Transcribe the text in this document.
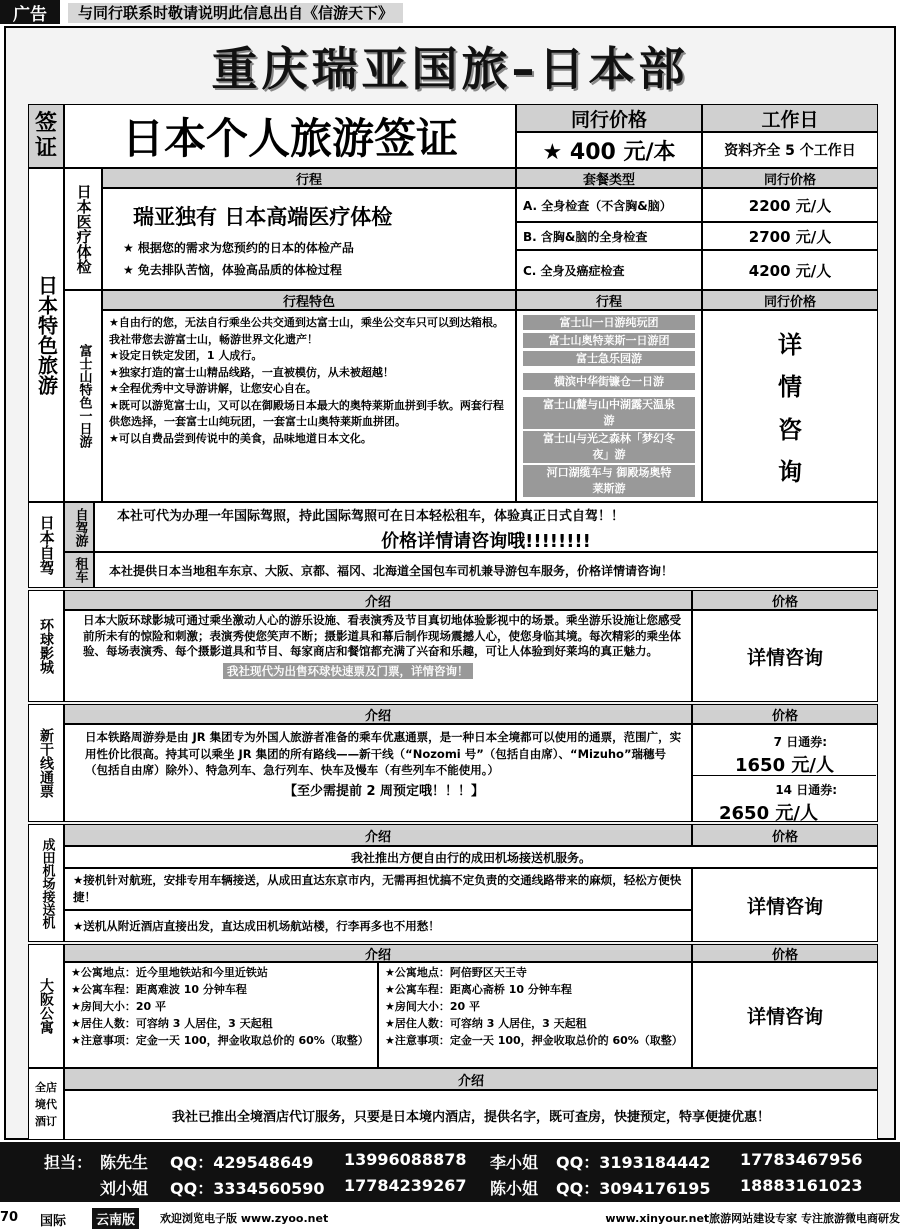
广告	与同行联系时敬请说明此信息出自《信游天下》
重庆瑞亚国旅–日本部
签证	日本个人旅游签证	同行价格
★ 400 元/本
工作日
资料齐全 5 个工作日
日本特色旅游
日本医疗体检
行程	套餐类型	同行价格
瑞亚独有 日本高端医疗体检
★ 根据您的需求为您预约的日本的体检产品
★ 免去排队苦恼，体验高品质的体检过程
A. 全身检查（不含胸&脑）	2200 元/人
B. 含胸&脑的全身检查	2700 元/人
C. 全身及癌症检查	4200 元/人
富士山特色一日游
行程特色	行程	同行价格
★自由行的您，无法自行乘坐公共交通到达富士山，乘坐公交车只可以到达箱根。我社带您去游富士山，畅游世界文化遗产！
★设定日铁定发团，1 人成行。
★独家打造的富士山精品线路，一直被模仿，从未被超越！
★全程优秀中文导游讲解，让您安心自在。
★既可以游览富士山，又可以在御殿场日本最大的奥特莱斯血拼到手软。两套行程供您选择，一套富士山纯玩团，一套富士山奥特莱斯血拼团。
★可以自费品尝到传说中的美食，品味地道日本文化。
富士山一日游纯玩团
富士山奥特莱斯一日游团
富士急乐园游
横滨中华街镰仓一日游
富士山麓与山中湖露天温泉游
富士山与光之森林「梦幻冬夜」游
河口湖缆车与 御殿场奥特莱斯游
详
情
咨
询
日本自驾 自驾游	本社可代为办理一年国际驾照，持此国际驾照可在日本轻松租车，体验真正日式自驾！！
价格详情请咨询哦!!!!!!!!
租车	本社提供日本当地租车东京、大阪、京都、福冈、北海道全国包车司机兼导游包车服务，价格详情请咨询！
环球影城
介绍	价格
日本大阪环球影城可通过乘坐激动人心的游乐设施、看表演秀及节目真切地体验影视中的场景。乘坐游乐设施让您感受前所未有的惊险和刺激；表演秀使您笑声不断；摄影道具和幕后制作现场震撼人心，使您身临其境。每次精彩的乘坐体验、每场表演秀、每个摄影道具和节目、每家商店和餐馆都充满了兴奋和乐趣，可让人体验到好莱坞的真正魅力。
我社现代为出售环球快速票及门票，详情咨询！
详情咨询
新干线通票
介绍	价格
日本铁路周游券是由 JR 集团专为外国人旅游者准备的乘车优惠通票，是一种日本全境都可以使用的通票，范围广，实用性价比很高。持其可以乘坐 JR 集团的所有路线——新干线（“Nozomi 号”（包括自由席）、“Mizuho”瑞穗号（包括自由席）除外）、特急列车、急行列车、快车及慢车（有些列车不能使用。）
【至少需提前 2 周预定哦！！！】
7 日通券:
1650 元/人
14 日通券:
2650 元/人
成田机场接送机
介绍	价格
我社推出方便自由行的成田机场接送机服务。
★接机针对航班，安排专用车辆接送，从成田直达东京市内，无需再担忧搞不定负责的交通线路带来的麻烦，轻松方便快捷！
★送机从附近酒店直接出发，直达成田机场航站楼，行李再多也不用愁！
详情咨询
大阪公寓
介绍	价格
★公寓地点：近今里地铁站和今里近铁站
★公寓车程：距离难波 10 分钟车程
★房间大小：20 平
★居住人数：可容纳 3 人居住，3 天起租
★注意事项：定金一天 100，押金收取总价的 60%（取整）
★公寓地点：阿倍野区天王寺
★公寓车程：距离心斋桥 10 分钟车程
★房间大小：20 平
★居住人数：可容纳 3 人居住，3 天起租
★注意事项：定金一天 100，押金收取总价的 60%（取整）
详情咨询
全店境代酒订
介绍
我社已推出全境酒店代订服务，只要是日本境内酒店，提供名字，既可查房，快捷预定，特享便捷优惠！
担当： 陈先生 QQ：429548649 13996088878 李小姐 QQ：3193184442 17783467956
刘小姐 QQ：3334560590 17784239267 陈小姐 QQ：3094176195 18883161023
70 国际	云南版	欢迎浏览电子版 www.zyoo.net	www.xinyour.net旅游网站建设专家 专注旅游微电商研发
